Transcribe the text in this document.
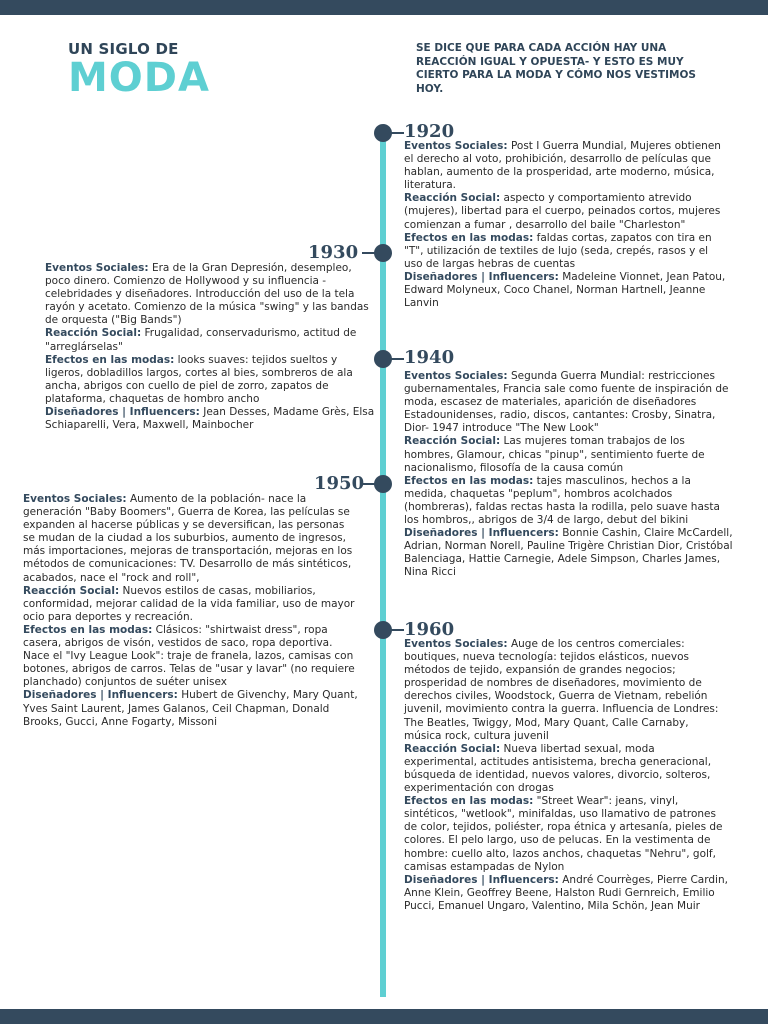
UN SIGLO DE
MODA
SE DICE QUE PARA CADA ACCIÓN HAY UNA REACCIÓN IGUAL Y OPUESTA- Y ESTO ES MUY CIERTO PARA LA MODA Y CÓMO NOS VESTIMOS HOY.
1920
1930
1940
1950
1960

Eventos Sociales: Post I Guerra Mundial, Mujeres obtienen el derecho al voto, prohibición, desarrollo de películas que hablan, aumento de la prosperidad, arte moderno, música, literatura.

Reacción Social: aspecto y comportamiento atrevido (mujeres), libertad para el cuerpo, peinados cortos, mujeres comienzan a fumar , desarrollo del baile "Charleston"

Efectos en las modas: faldas cortas, zapatos con tira en "T", utilización de textiles de lujo (seda, crepés, rasos y el uso de largas hebras de cuentas

Diseñadores | Influencers: Madeleine Vionnet, Jean Patou, Edward Molyneux, Coco Chanel, Norman Hartnell, Jeanne Lanvin

Eventos Sociales: Era de la Gran Depresión, desempleo, poco dinero. Comienzo de Hollywood y su influencia - celebridades y diseñadores. Introducción del uso de la tela rayón y acetato. Comienzo de la música "swing" y las bandas de orquesta ("Big Bands")

Reacción Social: Frugalidad, conservadurismo, actitud de "arreglárselas"

Efectos en las modas: looks suaves: tejidos sueltos y ligeros, dobladillos largos, cortes al bies, sombreros de ala ancha, abrigos con cuello de piel de zorro, zapatos de plataforma, chaquetas de hombro ancho

Diseñadores | Influencers: Jean Desses, Madame Grès, Elsa Schiaparelli, Vera, Maxwell, Mainbocher

Eventos Sociales: Segunda Guerra Mundial: restricciones gubernamentales, Francia sale como fuente de inspiración de moda, escasez de materiales, aparición de diseñadores Estadounidenses, radio, discos, cantantes: Crosby, Sinatra, Dior- 1947 introduce "The New Look"

Reacción Social: Las mujeres toman trabajos de los hombres, Glamour, chicas "pinup", sentimiento fuerte de nacionalismo, filosofía de la causa común

Efectos en las modas: tajes masculinos, hechos a la medida, chaquetas "peplum", hombros acolchados (hombreras), faldas rectas hasta la rodilla, pelo suave hasta los hombros,, abrigos de 3/4 de largo, debut del bikini

Diseñadores | Influencers: Bonnie Cashin, Claire McCardell, Adrian, Norman Norell, Pauline Trigère Christian Dior, Cristóbal Balenciaga, Hattie Carnegie, Adele Simpson, Charles James, Nina Ricci

Eventos Sociales: Aumento de la población- nace la generación "Baby Boomers", Guerra de Korea, las películas se expanden al hacerse públicas y se deversifican, las personas se mudan de la ciudad a los suburbios, aumento de ingresos, más importaciones, mejoras de transportación, mejoras en los métodos de comunicaciones: TV. Desarrollo de más sintéticos, acabados, nace el "rock and roll",

Reacción Social: Nuevos estilos de casas, mobiliarios, conformidad, mejorar calidad de la vida familiar, uso de mayor ocio para deportes y recreación.

Efectos en las modas: Clásicos: "shirtwaist dress", ropa casera, abrigos de visón, vestidos de saco, ropa deportiva. Nace el "Ivy League Look": traje de franela, lazos, camisas con botones, abrigos de carros. Telas de "usar y lavar" (no requiere planchado) conjuntos de suéter unisex

Diseñadores | Influencers: Hubert de Givenchy, Mary Quant, Yves Saint Laurent, James Galanos, Ceil Chapman, Donald Brooks, Gucci, Anne Fogarty, Missoni

Eventos Sociales: Auge de los centros comerciales: boutiques, nueva tecnología: tejidos elásticos, nuevos métodos de tejido, expansión de grandes negocios; prosperidad de nombres de diseñadores, movimiento de derechos civiles, Woodstock, Guerra de Vietnam, rebelión juvenil, movimiento contra la guerra. Influencia de Londres: The Beatles, Twiggy, Mod, Mary Quant, Calle Carnaby, música rock, cultura juvenil

Reacción Social: Nueva libertad sexual, moda experimental, actitudes antisistema, brecha generacional, búsqueda de identidad, nuevos valores, divorcio, solteros, experimentación con drogas

Efectos en las modas: "Street Wear": jeans, vinyl, sintéticos, "wetlook", minifaldas, uso llamativo de patrones de color, tejidos, poliéster, ropa étnica y artesanía, pieles de colores. El pelo largo, uso de pelucas. En la vestimenta de hombre: cuello alto, lazos anchos, chaquetas "Nehru", golf, camisas estampadas de Nylon

Diseñadores | Influencers: André Courrèges, Pierre Cardin, Anne Klein, Geoffrey Beene, Halston Rudi Gernreich, Emilio Pucci, Emanuel Ungaro, Valentino, Mila Schön, Jean Muir
